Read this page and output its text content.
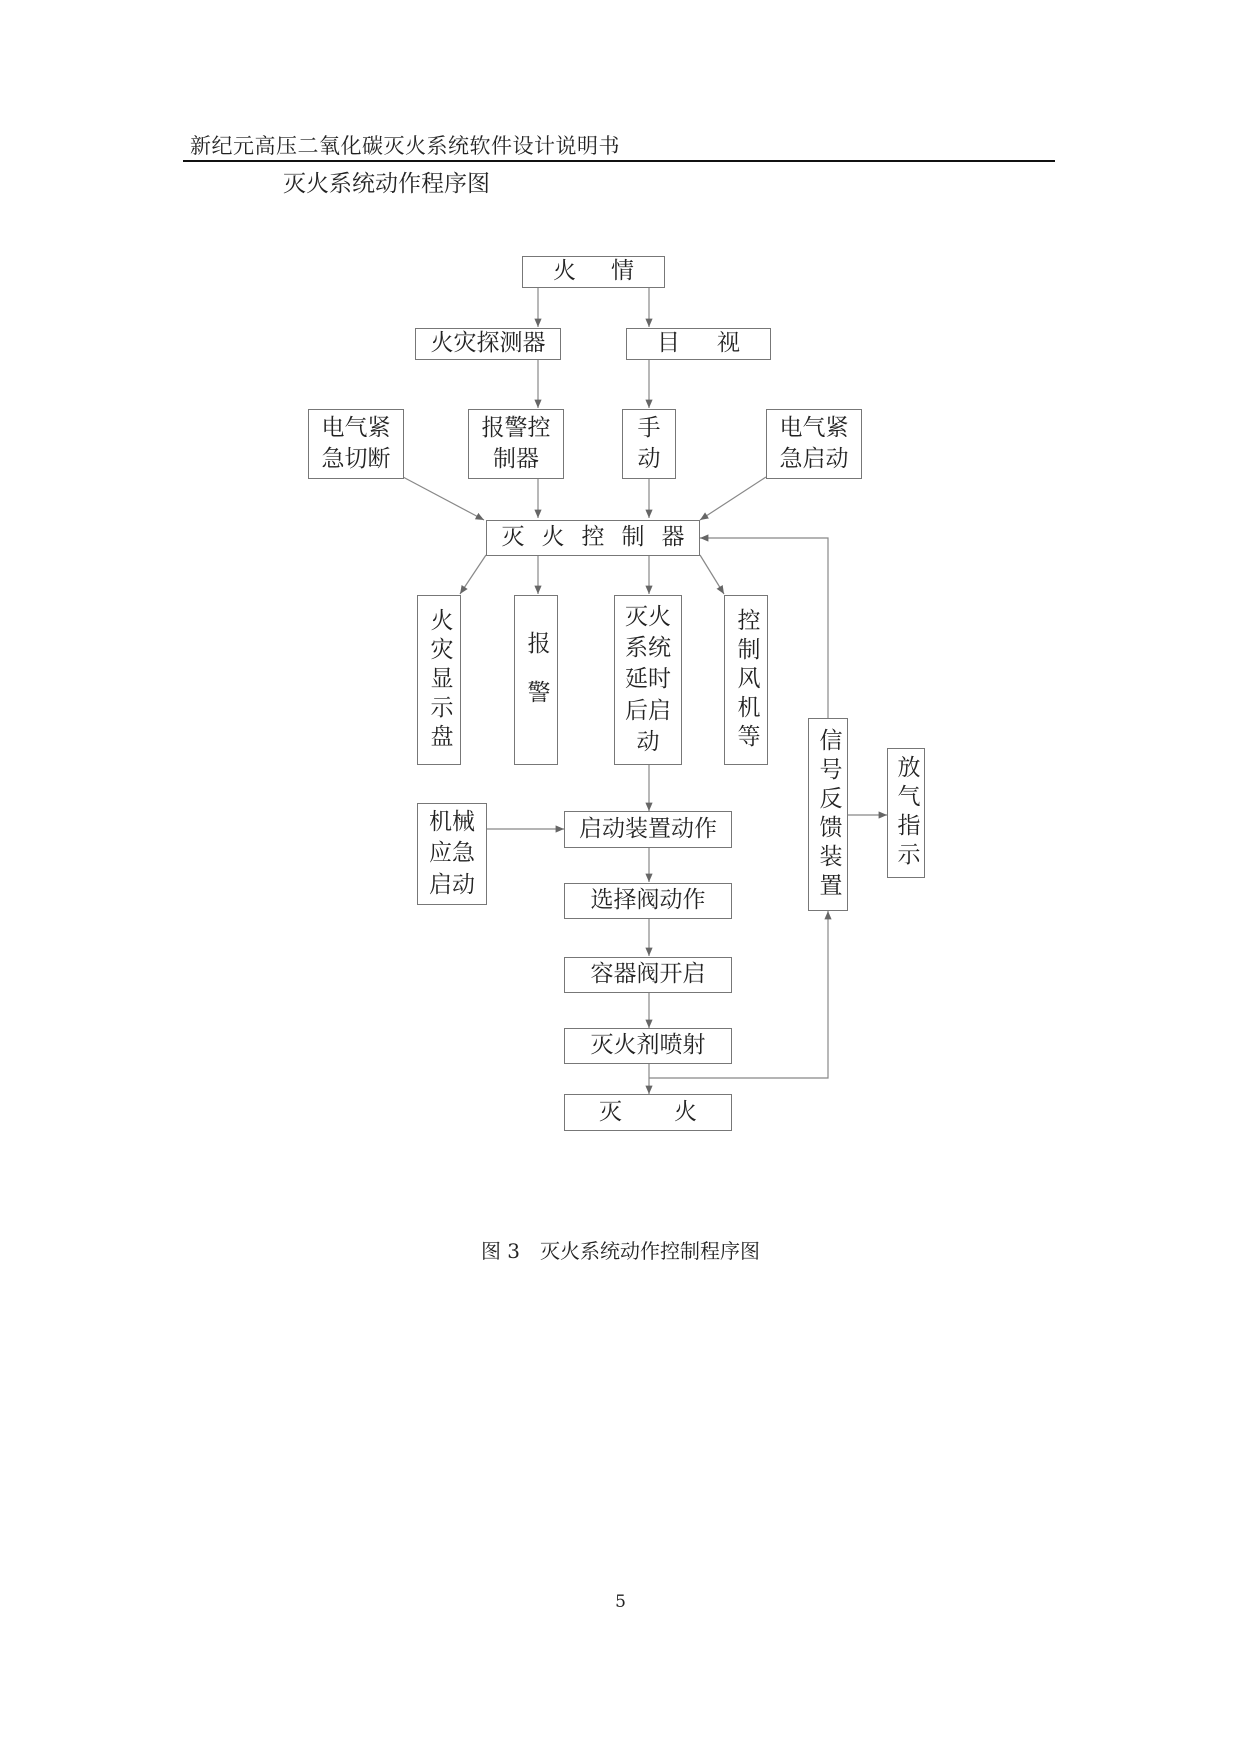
新纪元高压二氧化碳灭火系统软件设计说明书
灭火系统动作程序图
火 情
火灾探测器	目 视
电气紧
急切断
报警控
制器
手
动
电气紧
急启动
灭 火 控 制 器
火灾显示盘	报警
灭火
系统
延时
后启
动	控制风机等
信号反馈装置 放气指示
机械
应急
启动
启动装置动作
选择阀动作
容器阀开启
灭火剂喷射
灭 火
图 3　灭火系统动作控制程序图
5
